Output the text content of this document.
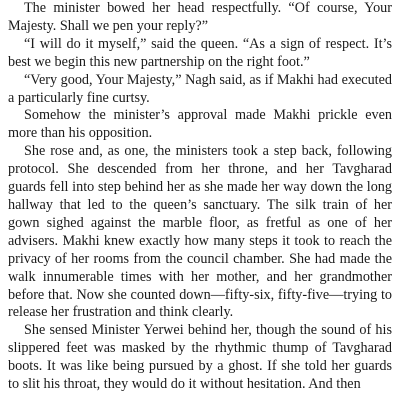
The minister bowed her head respectfully. “Of course, Your Majesty. Shall we pen your reply?”

“I will do it myself,” said the queen. “As a sign of respect. It’s best we begin this new partnership on the right foot.”

“Very good, Your Majesty,” Nagh said, as if Makhi had executed a particularly fine curtsy.

Somehow the minister’s approval made Makhi prickle even more than his opposition.

She rose and, as one, the ministers took a step back, following protocol. She descended from her throne, and her Tavgharad guards fell into step behind her as she made her way down the long hallway that led to the queen’s sanctuary. The silk train of her gown sighed against the marble floor, as fretful as one of her advisers. Makhi knew exactly how many steps it took to reach the privacy of her rooms from the council chamber. She had made the walk innumerable times with her mother, and her grandmother before that. Now she counted down—fifty-six, fifty-five—trying to release her frustration and think clearly.

She sensed Minister Yerwei behind her, though the sound of his slippered feet was masked by the rhythmic thump of Tavgharad boots. It was like being pursued by a ghost. If she told her guards to slit his throat, they would do it without hesitation. And then
